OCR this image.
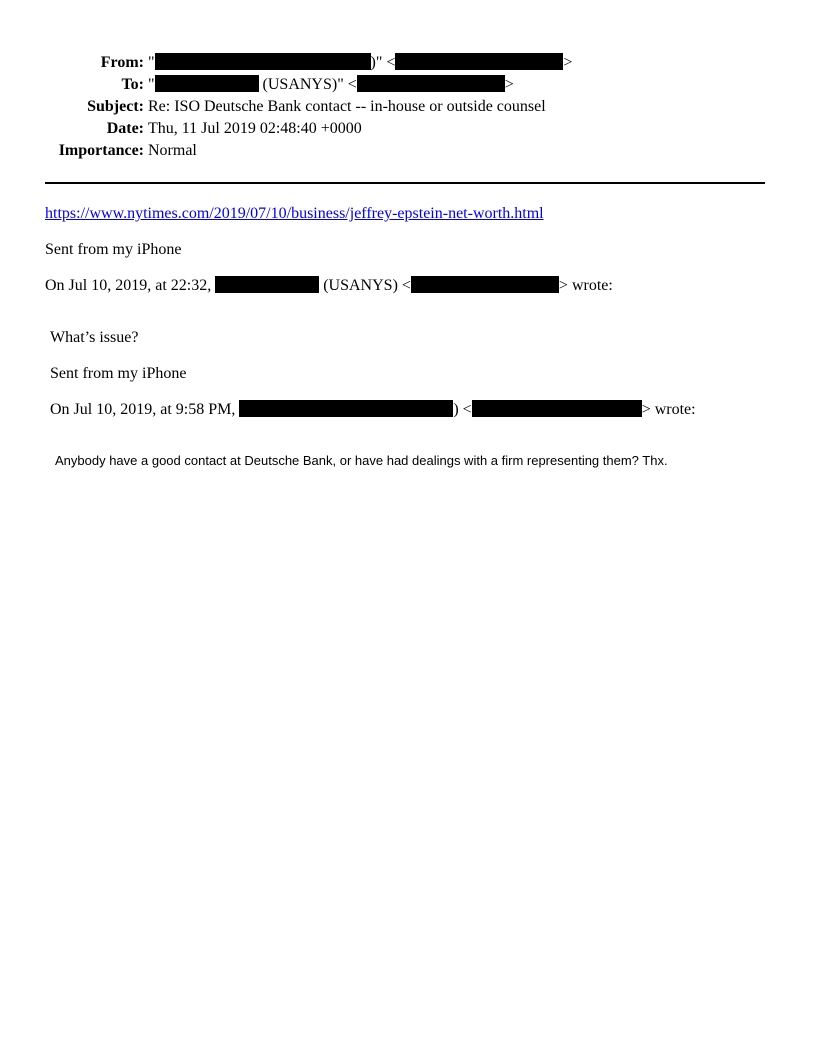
From: "	)" <	>
To: "	(USANYS)" <	>
Subject: Re: ISO Deutsche Bank contact -- in-house or outside counsel
Date: Thu, 11 Jul 2019 02:48:40 +0000
Importance: Normal
https://www.nytimes.com/2019/07/10/business/jeffrey-epstein-net-worth.html
Sent from my iPhone
On Jul 10, 2019, at 22:32,	(USANYS) <	> wrote:
What’s issue?
Sent from my iPhone
On Jul 10, 2019, at 9:58 PM,	) <	> wrote:
Anybody have a good contact at Deutsche Bank, or have had dealings with a firm representing them? Thx.
